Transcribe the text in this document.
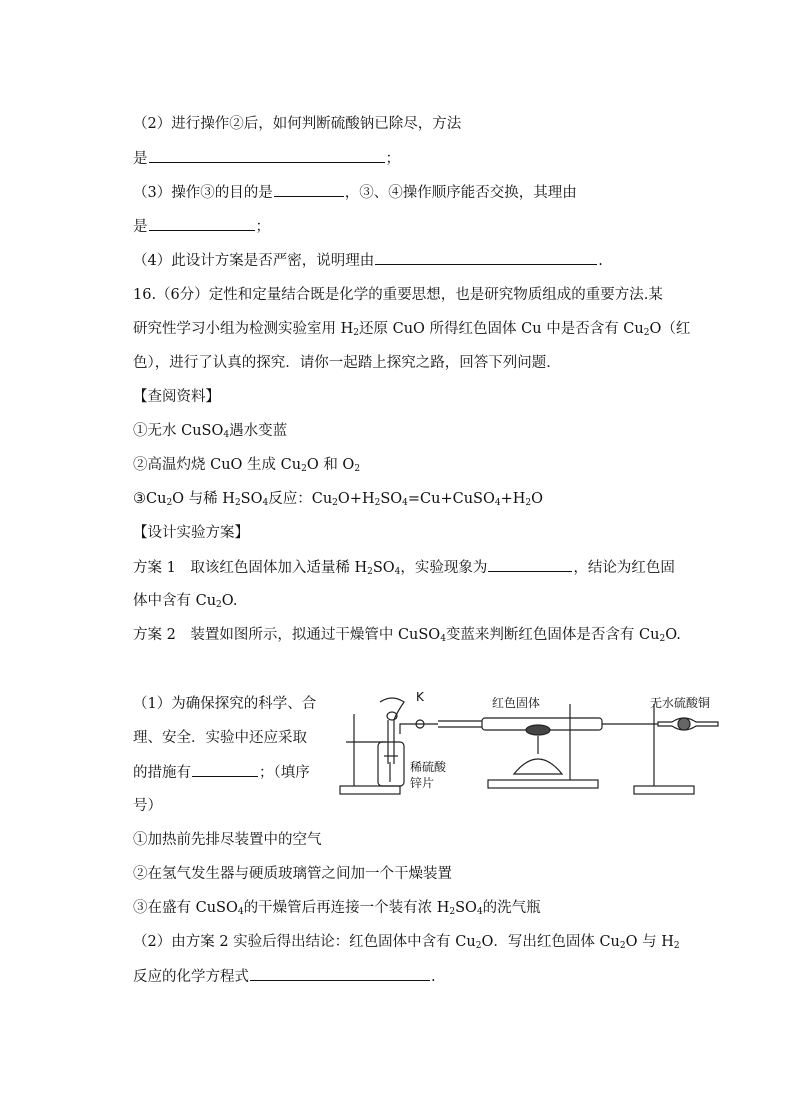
（2）进行操作②后，如何判断硫酸钠已除尽，方法
是	；
（3）操作③的目的是	，③、④操作顺序能否交换，其理由
是	；
（4）此设计方案是否严密，说明理由	.
16.（6分）定性和定量结合既是化学的重要思想，也是研究物质组成的重要方法.某
研究性学习小组为检测实验室用 $H_2$还原 CuO 所得红色固体 Cu 中是否含有 $Cu_2O$（红
色），进行了认真的探究．请你一起踏上探究之路，回答下列问题．
【查阅资料】
①无水 CuSO$_4$遇水变蓝
②高温灼烧 CuO 生成 $Cu_2O$ 和 $O_2$
$③Cu_2O$ 与稀 $H_2SO_4$反应：$Cu_2O+H_2SO_4=Cu+CuSO_4+H_2O$
【设计实验方案】
方案 1　取该红色固体加入适量稀 $H_2SO_4$，实验现象为	，结论为红色固
体中含有 $Cu_2O$.
方案 2　装置如图所示，拟通过干燥管中 CuSO$_4$变蓝来判断红色固体是否含有 $Cu_2O$.
（1）为确保探究的科学、合
理、安全．实验中还应采取
的措施有	；（填序
号）
K	红色固体	无水硫酸铜
稀硫酸
锌片
①加热前先排尽装置中的空气
②在氢气发生器与硬质玻璃管之间加一个干燥装置
③在盛有 CuSO$_4$的干燥管后再连接一个装有浓 $H_2SO_4$的洗气瓶
（2）由方案 2 实验后得出结论：红色固体中含有 $Cu_2O$．写出红色固体 $Cu_2O$ 与 $H_2$
反应的化学方程式	.
